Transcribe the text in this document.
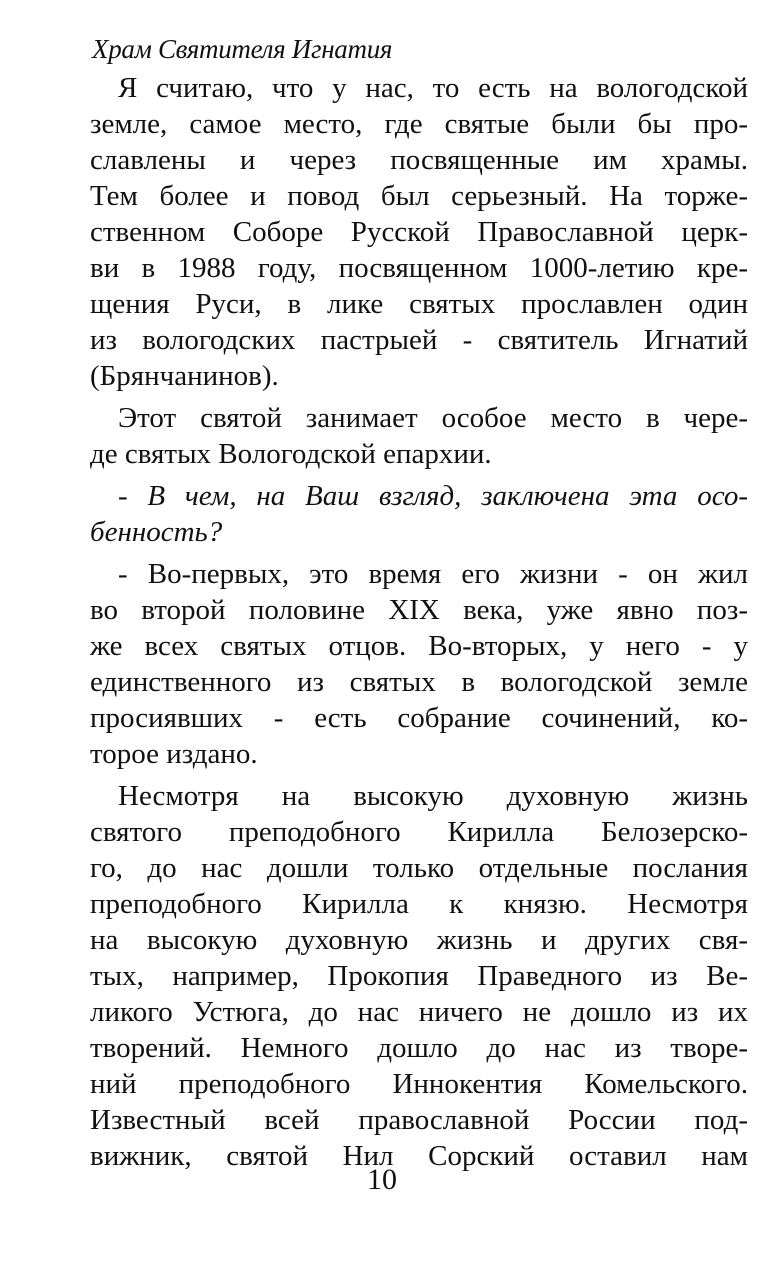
Храм Святителя Игнатия
Я считаю, что у нас, то есть на вологодской
земле, самое место, где святые были бы про-
славлены и через посвященные им храмы.
Тем более и повод был серьезный. На торже-
ственном Соборе Русской Православной церк-
ви в 1988 году, посвященном 1000-летию кре-
щения Руси, в лике святых прославлен один
из вологодских пастрыей - святитель Игнатий
(Брянчанинов).
Этот святой занимает особое место в чере-
де святых Вологодской епархии.
- В чем, на Ваш взгляд, заключена эта осо-
бенность?
- Во-первых, это время его жизни - он жил
во второй половине XIX века, уже явно поз-
же всех святых отцов. Во-вторых, у него - у
единственного из святых в вологодской земле
просиявших - есть собрание сочинений, ко-
торое издано.
Несмотря на высокую духовную жизнь
святого преподобного Кирилла Белозерско-
го, до нас дошли только отдельные послания
преподобного Кирилла к князю. Несмотря
на высокую духовную жизнь и других свя-
тых, например, Прокопия Праведного из Ве-
ликого Устюга, до нас ничего не дошло из их
творений. Немного дошло до нас из творе-
ний преподобного Иннокентия Комельского.
Известный всей православной России под-
вижник, святой Нил Сорский оставил нам
10
